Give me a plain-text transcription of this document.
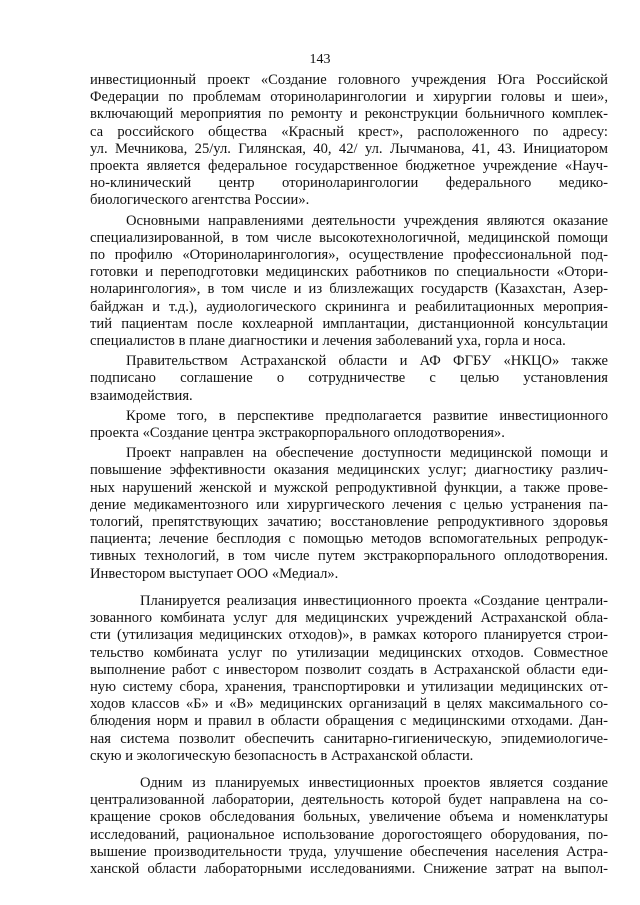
143

инвестиционный проект «Создание головного учреждения Юга Российской
Федерации по проблемам оториноларингологии и хирургии головы и шеи»,
включающий мероприятия по ремонту и реконструкции больничного комплек-
са российского общества «Красный крест», расположенного по адресу:
ул. Мечникова, 25/ул. Гилянская, 40, 42/ ул. Лычманова, 41, 43. Инициатором
проекта является федеральное государственное бюджетное учреждение «Науч-
но-клинический центр оториноларингологии федерального медико-
биологического агентства России».

Основными направлениями деятельности учреждения являются оказание
специализированной, в том числе высокотехнологичной, медицинской помощи
по профилю «Оториноларингология», осуществление профессиональной под-
готовки и переподготовки медицинских работников по специальности «Отори-
ноларингология», в том числе и из близлежащих государств (Казахстан, Азер-
байджан и т.д.), аудиологического скрининга и реабилитационных мероприя-
тий пациентам после кохлеарной имплантации, дистанционной консультации
специалистов в плане диагностики и лечения заболеваний уха, горла и носа.

Правительством Астраханской области и АФ ФГБУ «НКЦО» также
подписано соглашение о сотрудничестве с целью установления
взаимодействия.

Кроме того, в перспективе предполагается развитие инвестиционного
проекта «Создание центра экстракорпорального оплодотворения».

Проект направлен на обеспечение доступности медицинской помощи и
повышение эффективности оказания медицинских услуг; диагностику различ-
ных нарушений женской и мужской репродуктивной функции, а также прове-
дение медикаментозного или хирургического лечения с целью устранения па-
тологий, препятствующих зачатию; восстановление репродуктивного здоровья
пациента; лечение бесплодия с помощью методов вспомогательных репродук-
тивных технологий, в том числе путем экстракорпорального оплодотворения.
Инвестором выступает ООО «Медиал».

Планируется реализация инвестиционного проекта «Создание централи-
зованного комбината услуг для медицинских учреждений Астраханской обла-
сти (утилизация медицинских отходов)», в рамках которого планируется строи-
тельство комбината услуг по утилизации медицинских отходов. Совместное
выполнение работ с инвестором позволит создать в Астраханской области еди-
ную систему сбора, хранения, транспортировки и утилизации медицинских от-
ходов классов «Б» и «В» медицинских организаций в целях максимального со-
блюдения норм и правил в области обращения с медицинскими отходами. Дан-
ная система позволит обеспечить санитарно-гигиеническую, эпидемиологиче-
скую и экологическую безопасность в Астраханской области.

Одним из планируемых инвестиционных проектов является создание
централизованной лаборатории, деятельность которой будет направлена на со-
кращение сроков обследования больных, увеличение объема и номенклатуры
исследований, рациональное использование дорогостоящего оборудования, по-
вышение производительности труда, улучшение обеспечения населения Астра-
ханской области лабораторными исследованиями. Снижение затрат на выпол-
